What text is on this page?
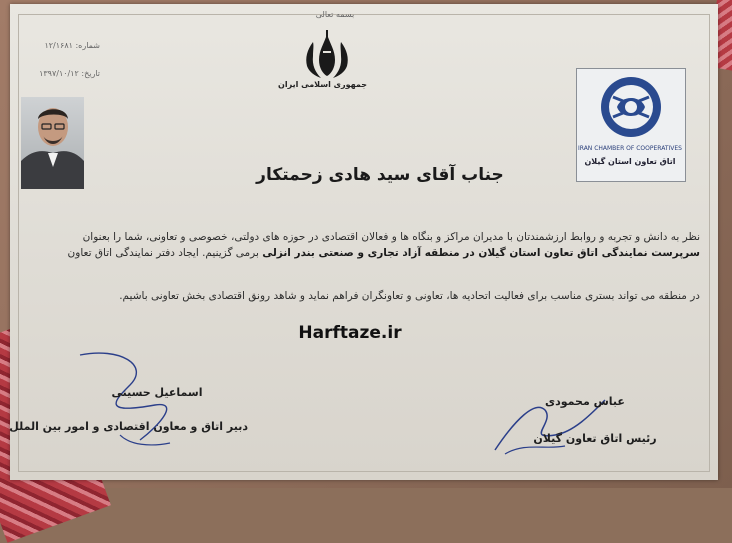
بسمه تعالی
شماره: ۱۲/۱۶۸۱
تاریخ: ۱۳۹۷/۱۰/۱۲
جمهوری اسلامی ایران
IRAN CHAMBER OF COOPERATIVES
اتاق تعاون استان گیلان
جناب آقای سید هادی زحمتکار
نظر به دانش و تجربه و روابط ارزشمندتان با مدیران مراکز و بنگاه ها و فعالان اقتصادی در حوزه های دولتی، خصوصی و تعاونی، شما را بعنوان
سرپرست نمایندگی اتاق تعاون استان گیلان در منطقه آزاد تجاری و صنعتی بندر انزلی برمی گزینیم. ایجاد دفتر نمایندگی اتاق تعاون
در منطقه می تواند بستری مناسب برای فعالیت اتحادیه ها، تعاونی و تعاونگران فراهم نماید و شاهد رونق اقتصادی بخش تعاونی باشیم.
Harftaze.ir
اسماعیل حسینی
دبیر اتاق و معاون اقتصادی و امور بین الملل
عباس محمودی
رئیس اتاق تعاون گیلان
